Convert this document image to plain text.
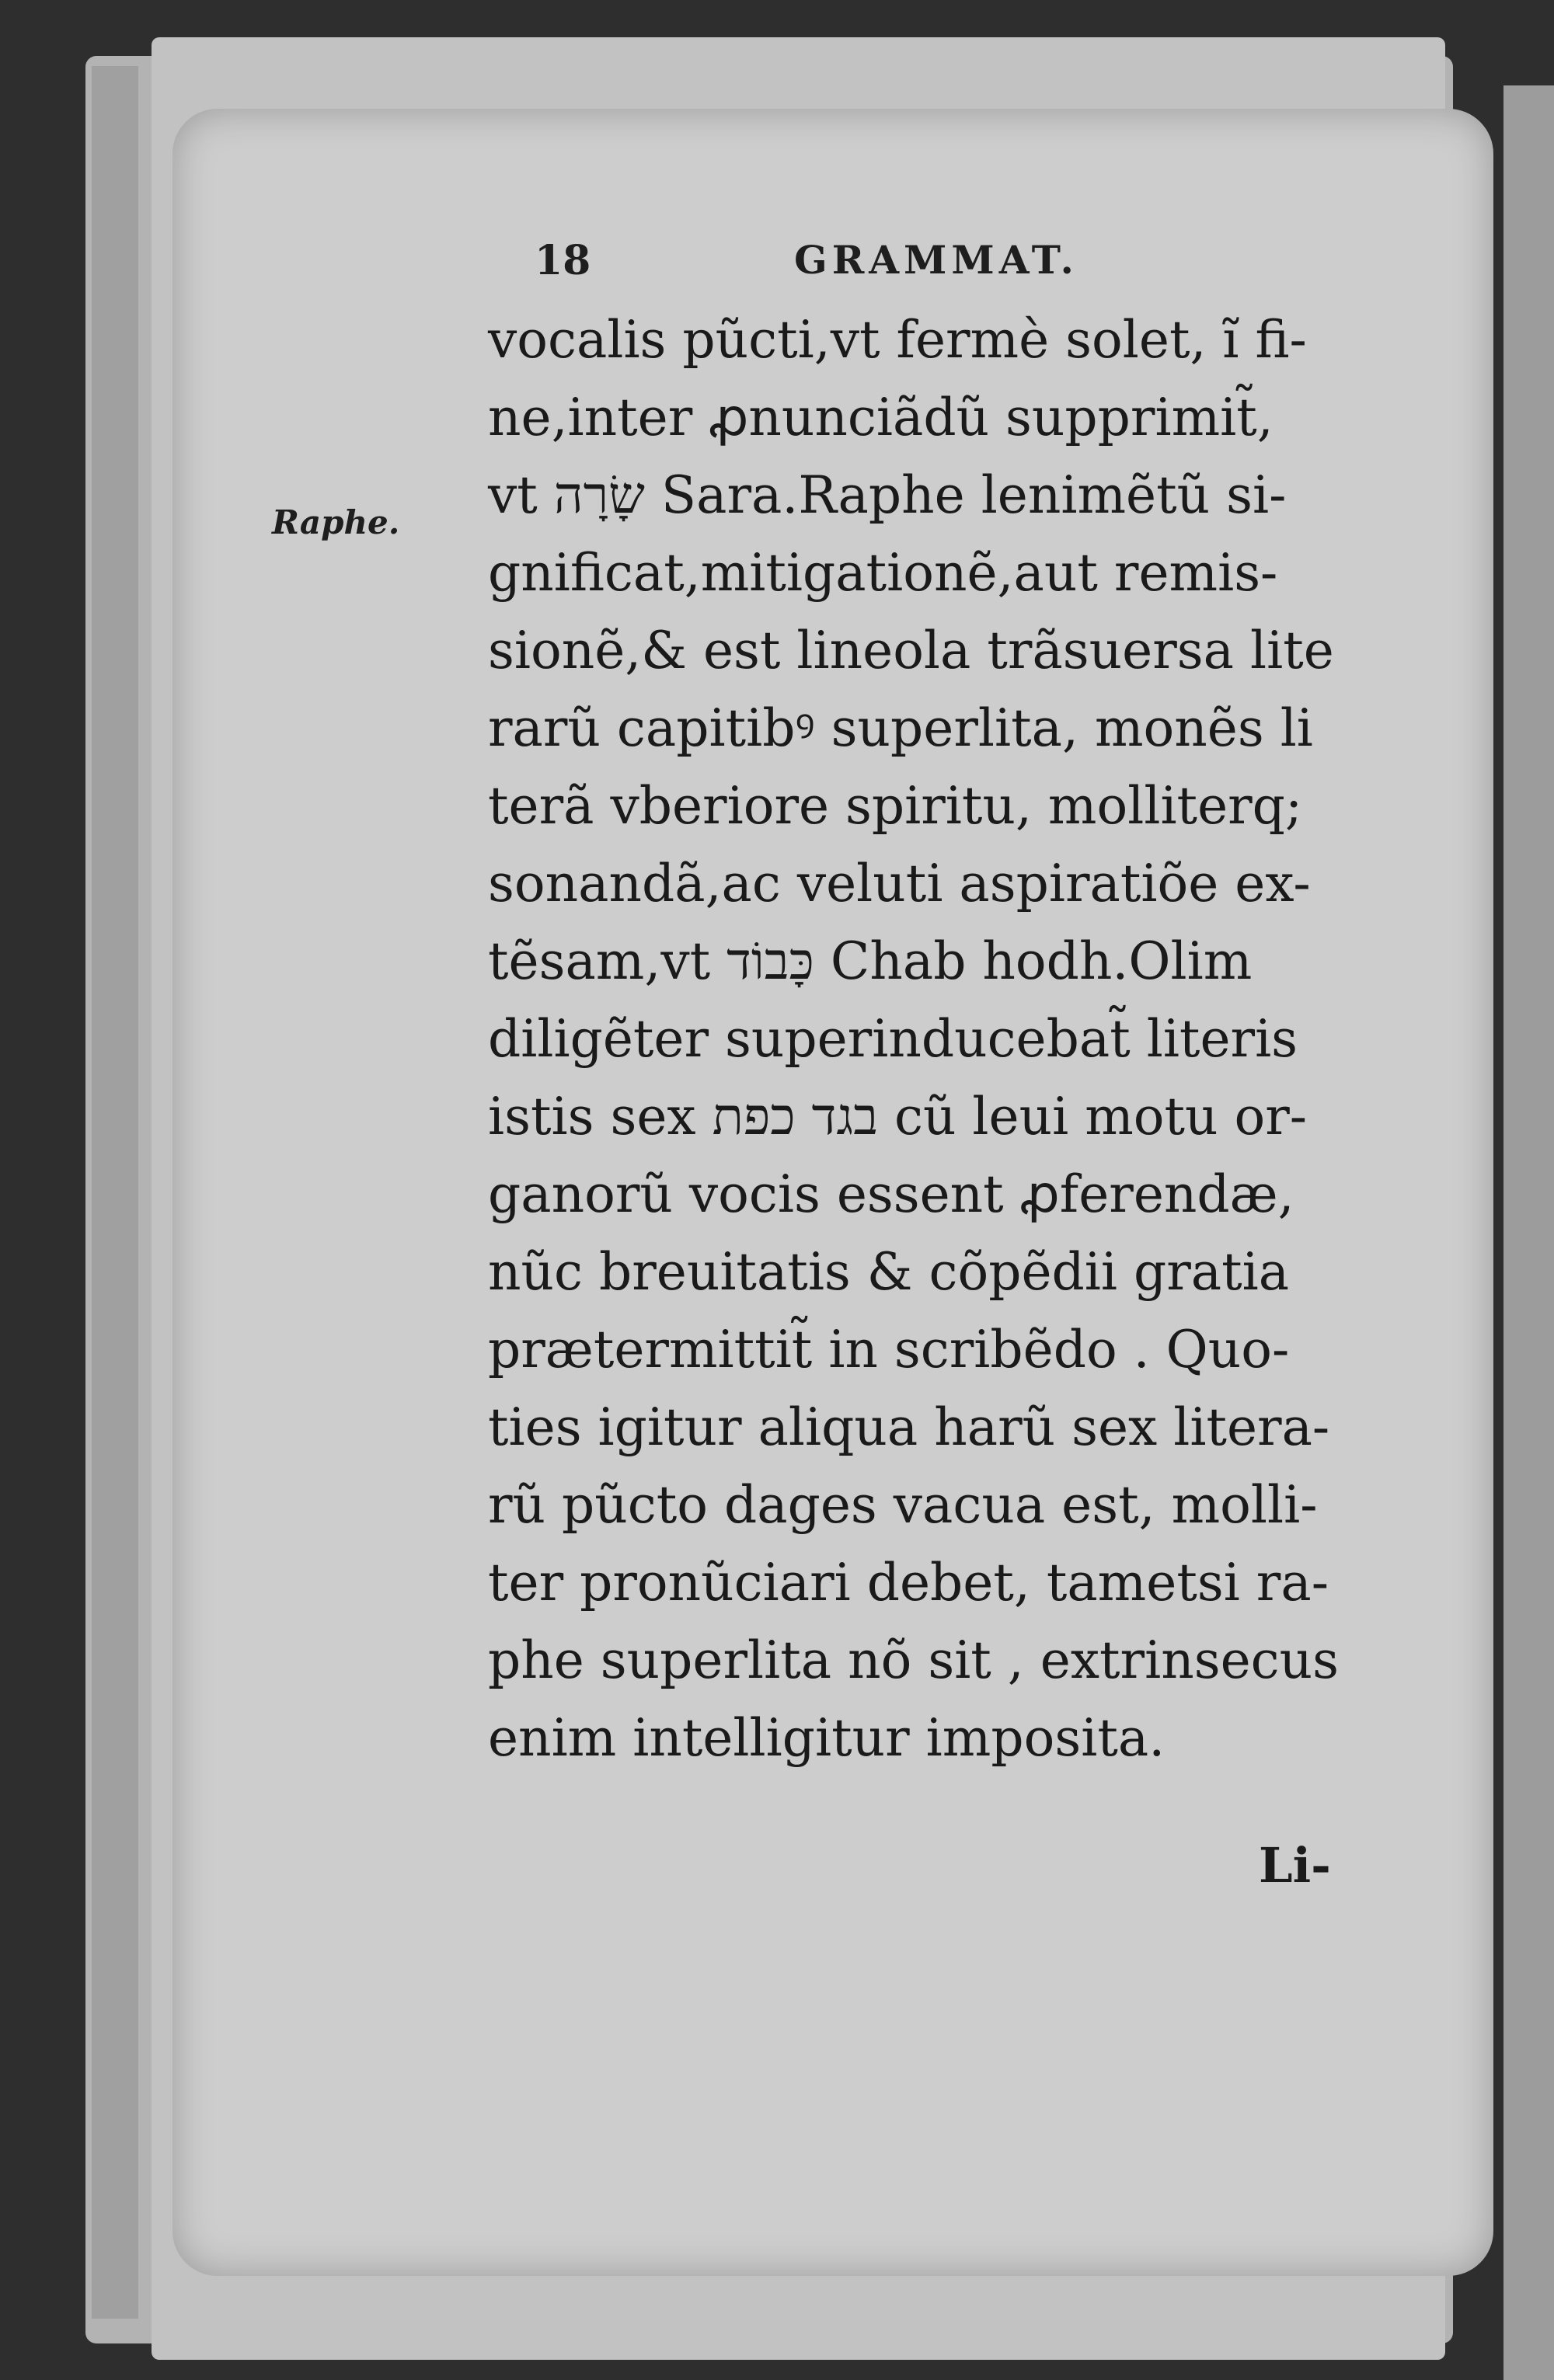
18	GRAMMAT.

Raphe.
vocalis pũcti,vt fermè solet, ĩ fi-
ne,inter ꝓnunciãdũ supprimit̃,
vt שָׂרָה Sara.Raphe lenimẽtũ si-
gnificat,mitigationẽ,aut remis-
sionẽ,& est lineola trãsuersa lite
rarũ capitibꝰ superlita, monẽs li
terã vberiore spiritu, molliterq;
sonandã,ac veluti aspiratiõe ex-
tẽsam,vt כָּבוֹד Chab hodh.Olim
diligẽter superinducebat̃ literis
istis sex בגד כפת cũ leui motu or-
ganorũ vocis essent ꝓferendæ,
nũc breuitatis & cõpẽdii gratia
prætermittit̃ in scribẽdo . Quo-
ties igitur aliqua harũ sex litera-
rũ pũcto dages vacua est, molli-
ter pronũciari debet, tametsi ra-
phe superlita nõ sit , extrinsecus
enim intelligitur imposita.
Li-
